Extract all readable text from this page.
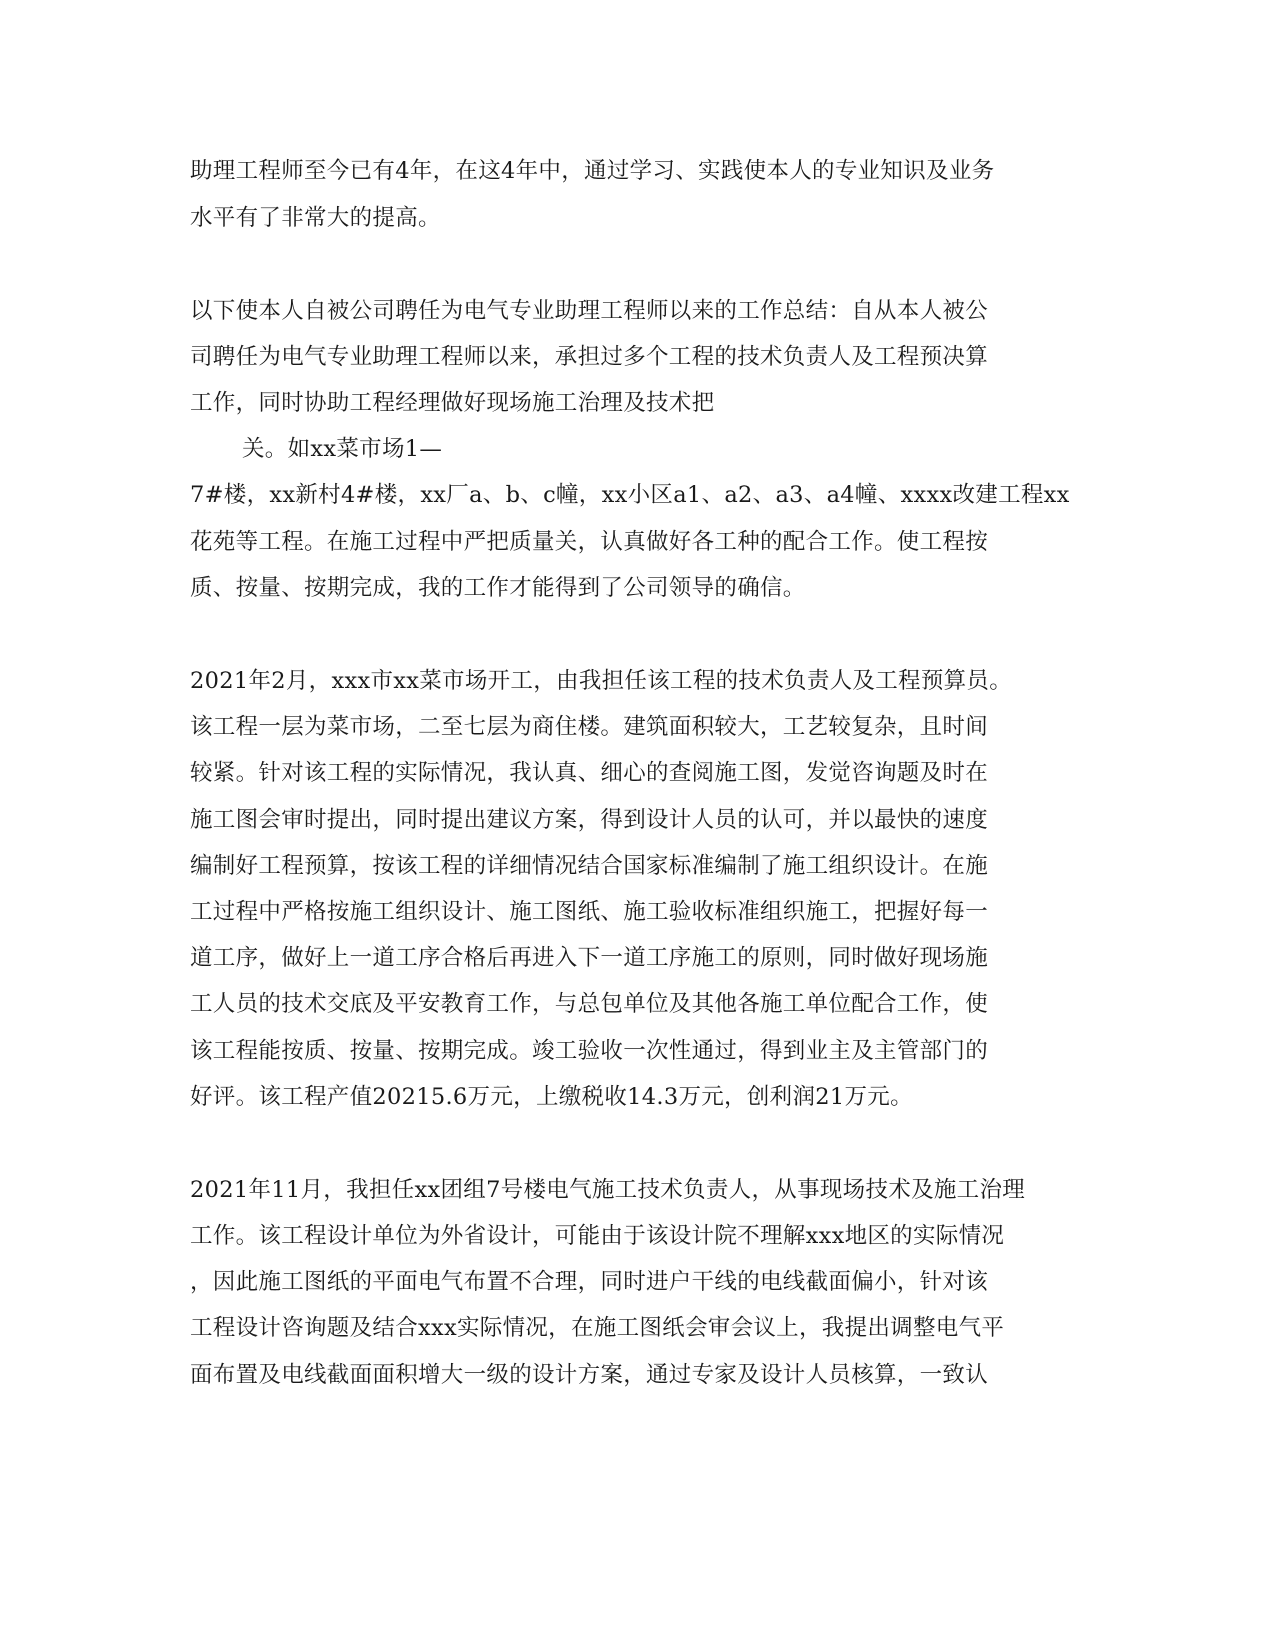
助理工程师至今已有4年，在这4年中，通过学习、实践使本人的专业知识及业务
水平有了非常大的提高。
以下使本人自被公司聘任为电气专业助理工程师以来的工作总结：自从本人被公
司聘任为电气专业助理工程师以来，承担过多个工程的技术负责人及工程预决算
工作，同时协助工程经理做好现场施工治理及技术把
关。如xx菜市场1—
7#楼，xx新村4#楼，xx厂a、b、c幢，xx小区a1、a2、a3、a4幢、xxxx改建工程xx
花苑等工程。在施工过程中严把质量关，认真做好各工种的配合工作。使工程按
质、按量、按期完成，我的工作才能得到了公司领导的确信。
2021年2月，xxx市xx菜市场开工，由我担任该工程的技术负责人及工程预算员。
该工程一层为菜市场，二至七层为商住楼。建筑面积较大，工艺较复杂，且时间
较紧。针对该工程的实际情况，我认真、细心的查阅施工图，发觉咨询题及时在
施工图会审时提出，同时提出建议方案，得到设计人员的认可，并以最快的速度
编制好工程预算，按该工程的详细情况结合国家标准编制了施工组织设计。在施
工过程中严格按施工组织设计、施工图纸、施工验收标准组织施工，把握好每一
道工序，做好上一道工序合格后再进入下一道工序施工的原则，同时做好现场施
工人员的技术交底及平安教育工作，与总包单位及其他各施工单位配合工作，使
该工程能按质、按量、按期完成。竣工验收一次性通过，得到业主及主管部门的
好评。该工程产值20215.6万元，上缴税收14.3万元，创利润21万元。
2021年11月，我担任xx团组7号楼电气施工技术负责人，从事现场技术及施工治理
工作。该工程设计单位为外省设计，可能由于该设计院不理解xxx地区的实际情况
，因此施工图纸的平面电气布置不合理，同时进户干线的电线截面偏小，针对该
工程设计咨询题及结合xxx实际情况，在施工图纸会审会议上，我提出调整电气平
面布置及电线截面面积增大一级的设计方案，通过专家及设计人员核算，一致认
